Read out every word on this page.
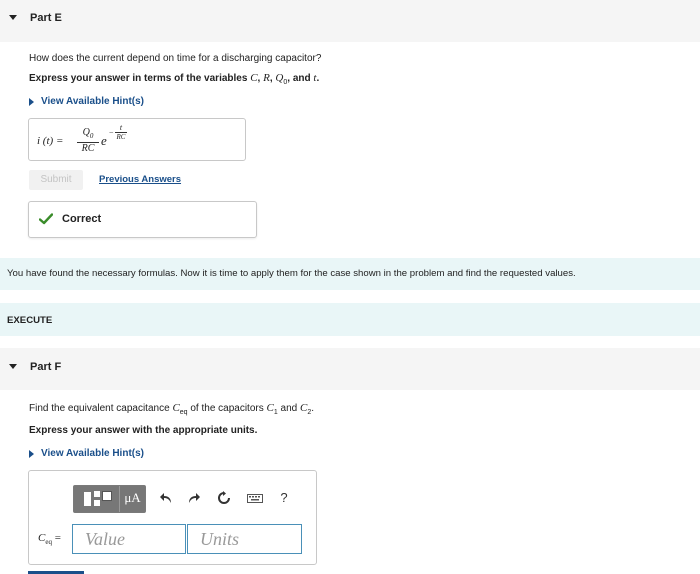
Part E
How does the current depend on time for a discharging capacitor?
Express your answer in terms of the variables C, R, $Q_0$, and t.
View Available Hint(s)
i (t) =
$Q_0$
RC
e
−
t
RC
Submit	Previous Answers
Correct
You have found the necessary formulas. Now it is time to apply them for the case shown in the problem and find the requested values.
EXECUTE
Part F
Find the equivalent capacitance $C_{eq}$ of the capacitors $C_1$ and $C_2$.
Express your answer with the appropriate units.
View Available Hint(s)
μA	?
$C_{eq}$ =	Value	Units
